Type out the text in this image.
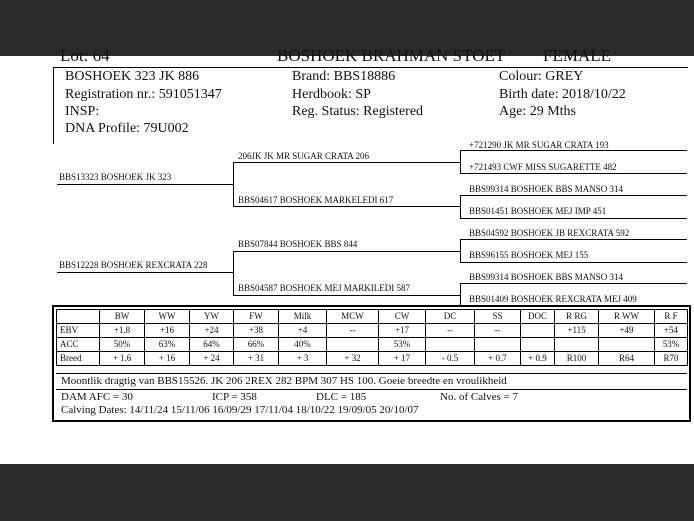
Lot: 64	BOSHOEK BRAHMAN STOET FEMALE
BOSHOEK 323 JK 886
Registration nr.: 591051347
INSP:
DNA Profile: 79U002
Brand: BBS18886
Herdbook: SP
Reg. Status: Registered
Colour: GREY
Birth date: 2018/10/22
Age: 29 Mths
BBS13323 BOSHOEK JK 323
BBS12228 BOSHOEK REXCRATA 228
206JK JK MR SUGAR CRATA 206
BBS04617 BOSHOEK MARKELEDI 617
BBS07844 BOSHOEK BBS 844
BBS04587 BOSHOEK MEJ MARKILEDI 587
+721290 JK MR SUGAR CRATA 193
+721493 CWF MISS SUGARETTE 482
BBS99314 BOSHOEK BBS MANSO 314
BBS01451 BOSHOEK MEJ IMP 451
BBS04592 BOSHOEK JB REXCRATA 592
BBS96155 BOSHOEK MEJ 155
BBS99314 BOSHOEK BBS MANSO 314
BBS01409 BOSHOEK REXCRATA MEJ 409
	BW	WW	YW	FW	Milk	MCW	CW	DC	SS	DOC	R RG	R WW	R F
EBV	+1.8	+16	+24	+38	+4	--	+17	--	--		+115	+49	+54
ACC	50%	63%	64%	66%	40%		53%						53%
Breed	+ 1.6	+ 16	+ 24	+ 31	+ 3	+ 32	+ 17	- 0.5	+ 0.7	+ 0.9	R100	R64	R70
Moontlik dragtig van BBS15526. JK 206 2REX 282 BPM 307 HS 100. Goeie breedte en vroulikheid
DAM AFC = 30	ICP = 358	DLC = 185	No. of Calves = 7
Calving Dates: 14/11/24 15/11/06 16/09/29 17/11/04 18/10/22 19/09/05 20/10/07
